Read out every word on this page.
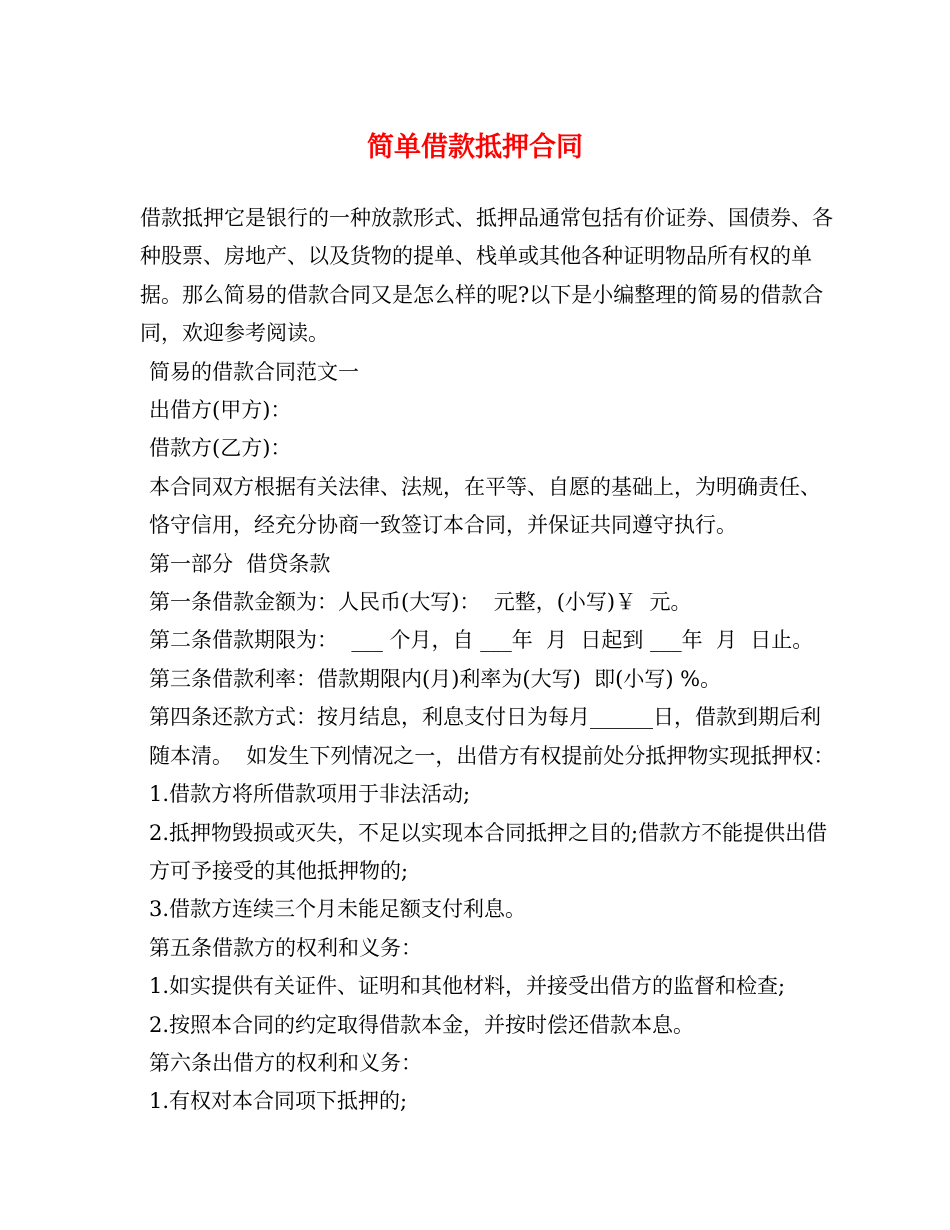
简单借款抵押合同

借款抵押它是银行的一种放款形式、抵押品通常包括有价证券、国债券、各种股票、房地产、以及货物的提单、栈单或其他各种证明物品所有权的单据。那么简易的借款合同又是怎么样的呢?以下是小编整理的简易的借款合同，欢迎参考阅读。

简易的借款合同范文一

出借方(甲方)：

借款方(乙方)：

本合同双方根据有关法律、法规，在平等、自愿的基础上，为明确责任、恪守信用，经充分协商一致签订本合同，并保证共同遵守执行。

第一部分  借贷条款

第一条借款金额为：人民币(大写)：  元整，(小写)￥  元。

第二条借款期限为：  ___ 个月，自 ___年  月  日起到 ___年  月  日止。

第三条借款利率：借款期限内(月)利率为(大写)  即(小写) %。

第四条还款方式：按月结息，利息支付日为每月______日，借款到期后利随本清。  如发生下列情况之一，出借方有权提前处分抵押物实现抵押权：

1.借款方将所借款项用于非法活动;

2.抵押物毁损或灭失，不足以实现本合同抵押之目的;借款方不能提供出借方可予接受的其他抵押物的;

3.借款方连续三个月未能足额支付利息。

第五条借款方的权利和义务：

1.如实提供有关证件、证明和其他材料，并接受出借方的监督和检查;

2.按照本合同的约定取得借款本金，并按时偿还借款本息。

第六条出借方的权利和义务：

1.有权对本合同项下抵押的;
